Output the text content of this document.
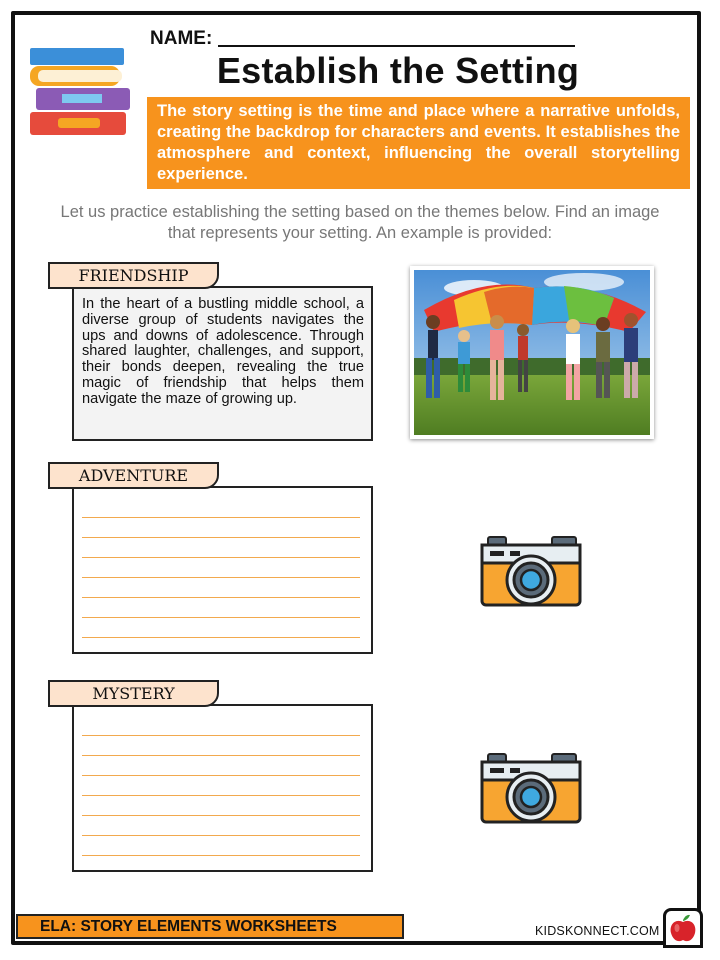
NAME:
Establish the Setting
The story setting is the time and place where a narrative unfolds, creating the backdrop for characters and events. It establishes the atmosphere and context, influencing the overall storytelling experience.
Let us practice establishing the setting based on the themes below. Find an image that represents your setting. An example is provided:
FRIENDSHIP
In the heart of a bustling middle school, a diverse group of students navigates the ups and downs of adolescence. Through shared laughter, challenges, and support, their bonds deepen, revealing the true magic of friendship that helps them navigate the maze of growing up.
ADVENTURE
MYSTERY
ELA: STORY ELEMENTS WORKSHEETS	KIDSKONNECT.COM
